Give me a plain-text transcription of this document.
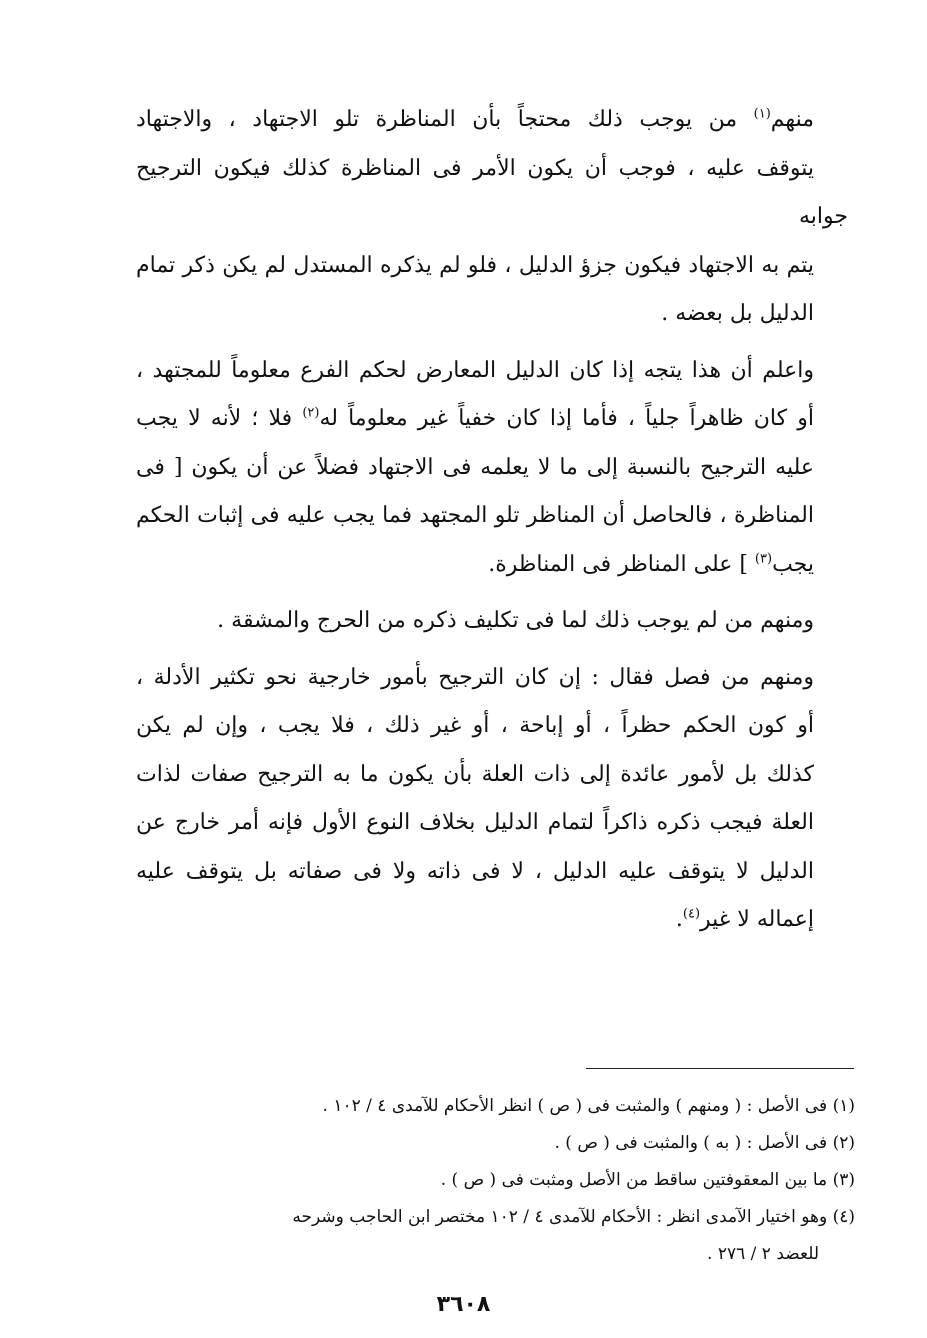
منهم$^{(١)}$ من يوجب ذلك محتجاً بأن المناظرة تلو الاجتهاد ، والاجتهاد
يتوقف عليه ، فوجب أن يكون الأمر فى المناظرة كذلك فيكون الترجيح جوابه
يتم به الاجتهاد فيكون جزؤ الدليل ، فلو لم يذكره المستدل لم يكن ذكر تمام
الدليل بل بعضه .

واعلم أن هذا يتجه إذا كان الدليل المعارض لحكم الفرع معلوماً للمجتهد ،
أو كان ظاهراً جلياً ، فأما إذا كان خفياً غير معلوماً له$^{(٢)}$ فلا ؛ لأنه لا يجب
عليه الترجيح بالنسبة إلى ما لا يعلمه فى الاجتهاد فضلاً عن أن يكون [ فى
المناظرة ، فالحاصل أن المناظر تلو المجتهد فما يجب عليه فى إثبات الحكم
يجب$^{(٣)}$ ] على المناظر فى المناظرة.

ومنهم من لم يوجب ذلك لما فى تكليف ذكره من الحرج والمشقة .

ومنهم من فصل فقال : إن كان الترجيح بأمور خارجية نحو تكثير الأدلة ،
أو كون الحكم حظراً ، أو إباحة ، أو غير ذلك ، فلا يجب ، وإن لم يكن
كذلك بل لأمور عائدة إلى ذات العلة بأن يكون ما به الترجيح صفات لذات
العلة فيجب ذكره ذاكراً لتمام الدليل بخلاف النوع الأول فإنه أمر خارج عن
الدليل لا يتوقف عليه الدليل ، لا فى ذاته ولا فى صفاته بل يتوقف عليه
إعماله لا غير$^{(٤)}$.

(١) فى الأصل : ( ومنهم ) والمثبت فى ( ص ) انظر الأحكام للآمدى ٤ / ١٠٢ .
(٢) فى الأصل : ( به ) والمثبت فى ( ص ) .
(٣) ما بين المعقوفتين ساقط من الأصل ومثبت فى ( ص ) .
(٤) وهو اختيار الآمدى انظر : الأحكام للآمدى ٤ / ١٠٢ مختصر ابن الحاجب وشرحه
للعضد ٢ / ٢٧٦ .
٣٦٠٨
